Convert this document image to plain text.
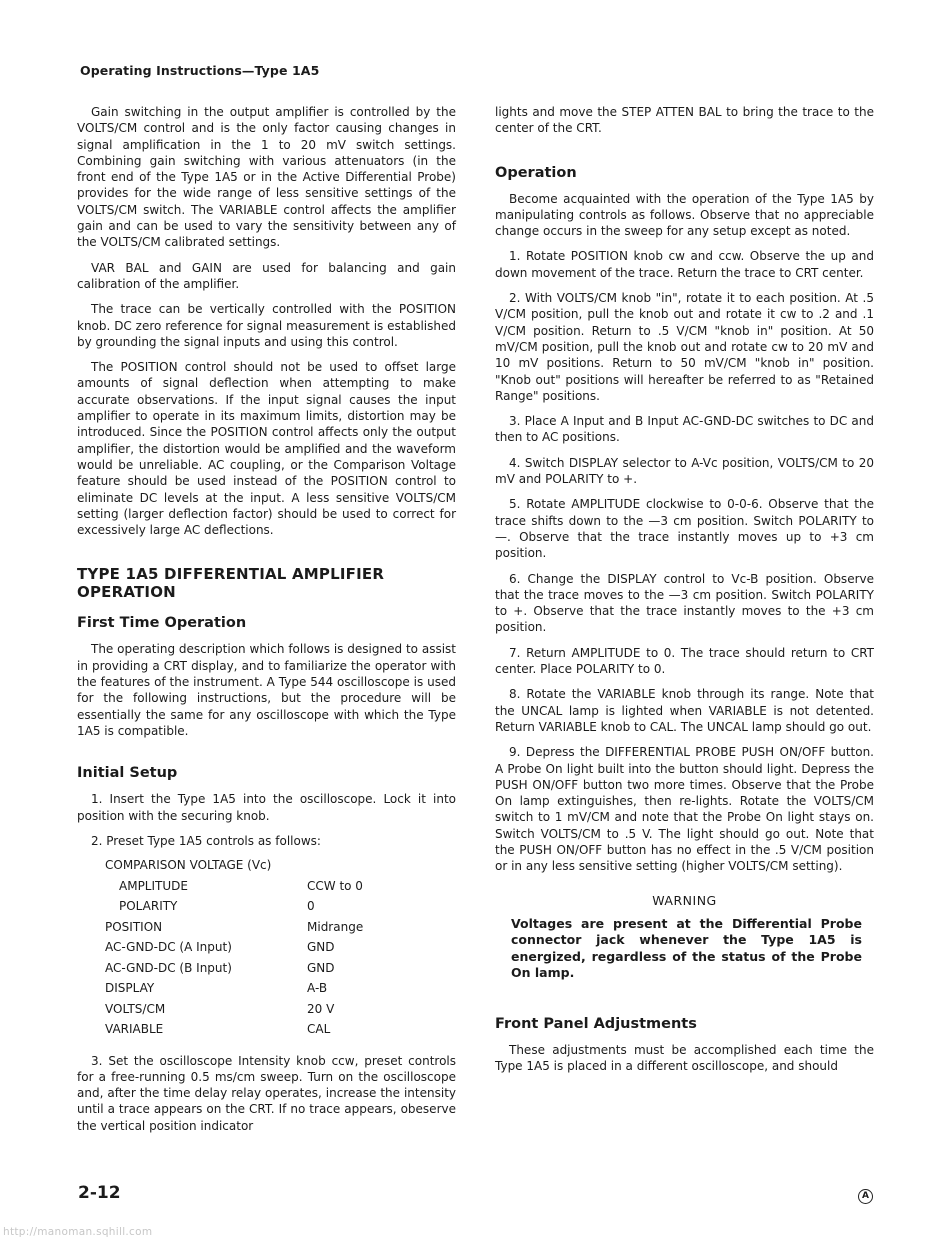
Operating Instructions—Type 1A5

Gain switching in the output amplifier is controlled by the VOLTS/CM control and is the only factor causing changes in signal amplification in the 1 to 20 mV switch settings. Combining gain switching with various attenuators (in the front end of the Type 1A5 or in the Active Differential Probe) provides for the wide range of less sensitive settings of the VOLTS/CM switch. The VARIABLE control affects the amplifier gain and can be used to vary the sensitivity between any of the VOLTS/CM calibrated settings.

VAR BAL and GAIN are used for balancing and gain calibration of the amplifier.

The trace can be vertically controlled with the POSITION knob. DC zero reference for signal measurement is established by grounding the signal inputs and using this control.

The POSITION control should not be used to offset large amounts of signal deflection when attempting to make accurate observations. If the input signal causes the input amplifier to operate in its maximum limits, distortion may be introduced. Since the POSITION control affects only the output amplifier, the distortion would be amplified and the waveform would be unreliable. AC coupling, or the Comparison Voltage feature should be used instead of the POSITION control to eliminate DC levels at the input. A less sensitive VOLTS/CM setting (larger deflection factor) should be used to correct for excessively large AC deflections.

TYPE 1A5 DIFFERENTIAL AMPLIFIER OPERATION
First Time Operation

The operating description which follows is designed to assist in providing a CRT display, and to familiarize the operator with the features of the instrument. A Type 544 oscilloscope is used for the following instructions, but the procedure will be essentially the same for any oscilloscope with which the Type 1A5 is compatible.

Initial Setup

1. Insert the Type 1A5 into the oscilloscope. Lock it into position with the securing knob.

2. Preset Type 1A5 controls as follows:

COMPARISON VOLTAGE (Vc)
AMPLITUDE	CCW to 0
POLARITY	0
POSITION	Midrange
AC-GND-DC (A Input)	GND
AC-GND-DC (B Input)	GND
DISPLAY	A-B
VOLTS/CM	20 V
VARIABLE	CAL

3. Set the oscilloscope Intensity knob ccw, preset controls for a free-running 0.5 ms/cm sweep. Turn on the oscilloscope and, after the time delay relay operates, increase the intensity until a trace appears on the CRT. If no trace appears, obeserve the vertical position indicator

lights and move the STEP ATTEN BAL to bring the trace to the center of the CRT.

Operation

Become acquainted with the operation of the Type 1A5 by manipulating controls as follows. Observe that no appreciable change occurs in the sweep for any setup except as noted.

1. Rotate POSITION knob cw and ccw. Observe the up and down movement of the trace. Return the trace to CRT center.

2. With VOLTS/CM knob "in", rotate it to each position. At .5 V/CM position, pull the knob out and rotate it cw to .2 and .1 V/CM position. Return to .5 V/CM "knob in" position. At 50 mV/CM position, pull the knob out and rotate cw to 20 mV and 10 mV positions. Return to 50 mV/CM "knob in" position. "Knob out" positions will hereafter be referred to as "Retained Range" positions.

3. Place A Input and B Input AC-GND-DC switches to DC and then to AC positions.

4. Switch DISPLAY selector to A-Vc position, VOLTS/CM to 20 mV and POLARITY to +.

5. Rotate AMPLITUDE clockwise to 0-0-6. Observe that the trace shifts down to the —3 cm position. Switch POLARITY to —. Observe that the trace instantly moves up to +3 cm position.

6. Change the DISPLAY control to Vc-B position. Observe that the trace moves to the —3 cm position. Switch POLARITY to +. Observe that the trace instantly moves to the +3 cm position.

7. Return AMPLITUDE to 0. The trace should return to CRT center. Place POLARITY to 0.

8. Rotate the VARIABLE knob through its range. Note that the UNCAL lamp is lighted when VARIABLE is not detented. Return VARIABLE knob to CAL. The UNCAL lamp should go out.

9. Depress the DIFFERENTIAL PROBE PUSH ON/OFF button. A Probe On light built into the button should light. Depress the PUSH ON/OFF button two more times. Observe that the Probe On lamp extinguishes, then re-lights. Rotate the VOLTS/CM switch to 1 mV/CM and note that the Probe On light stays on. Switch VOLTS/CM to .5 V. The light should go out. Note that the PUSH ON/OFF button has no effect in the .5 V/CM position or in any less sensitive setting (higher VOLTS/CM setting).

WARNING
Voltages are present at the Differential Probe connector jack whenever the Type 1A5 is energized, regardless of the status of the Probe On lamp.
Front Panel Adjustments

These adjustments must be accomplished each time the Type 1A5 is placed in a different oscilloscope, and should

2-12	A
http://manoman.sqhill.com
